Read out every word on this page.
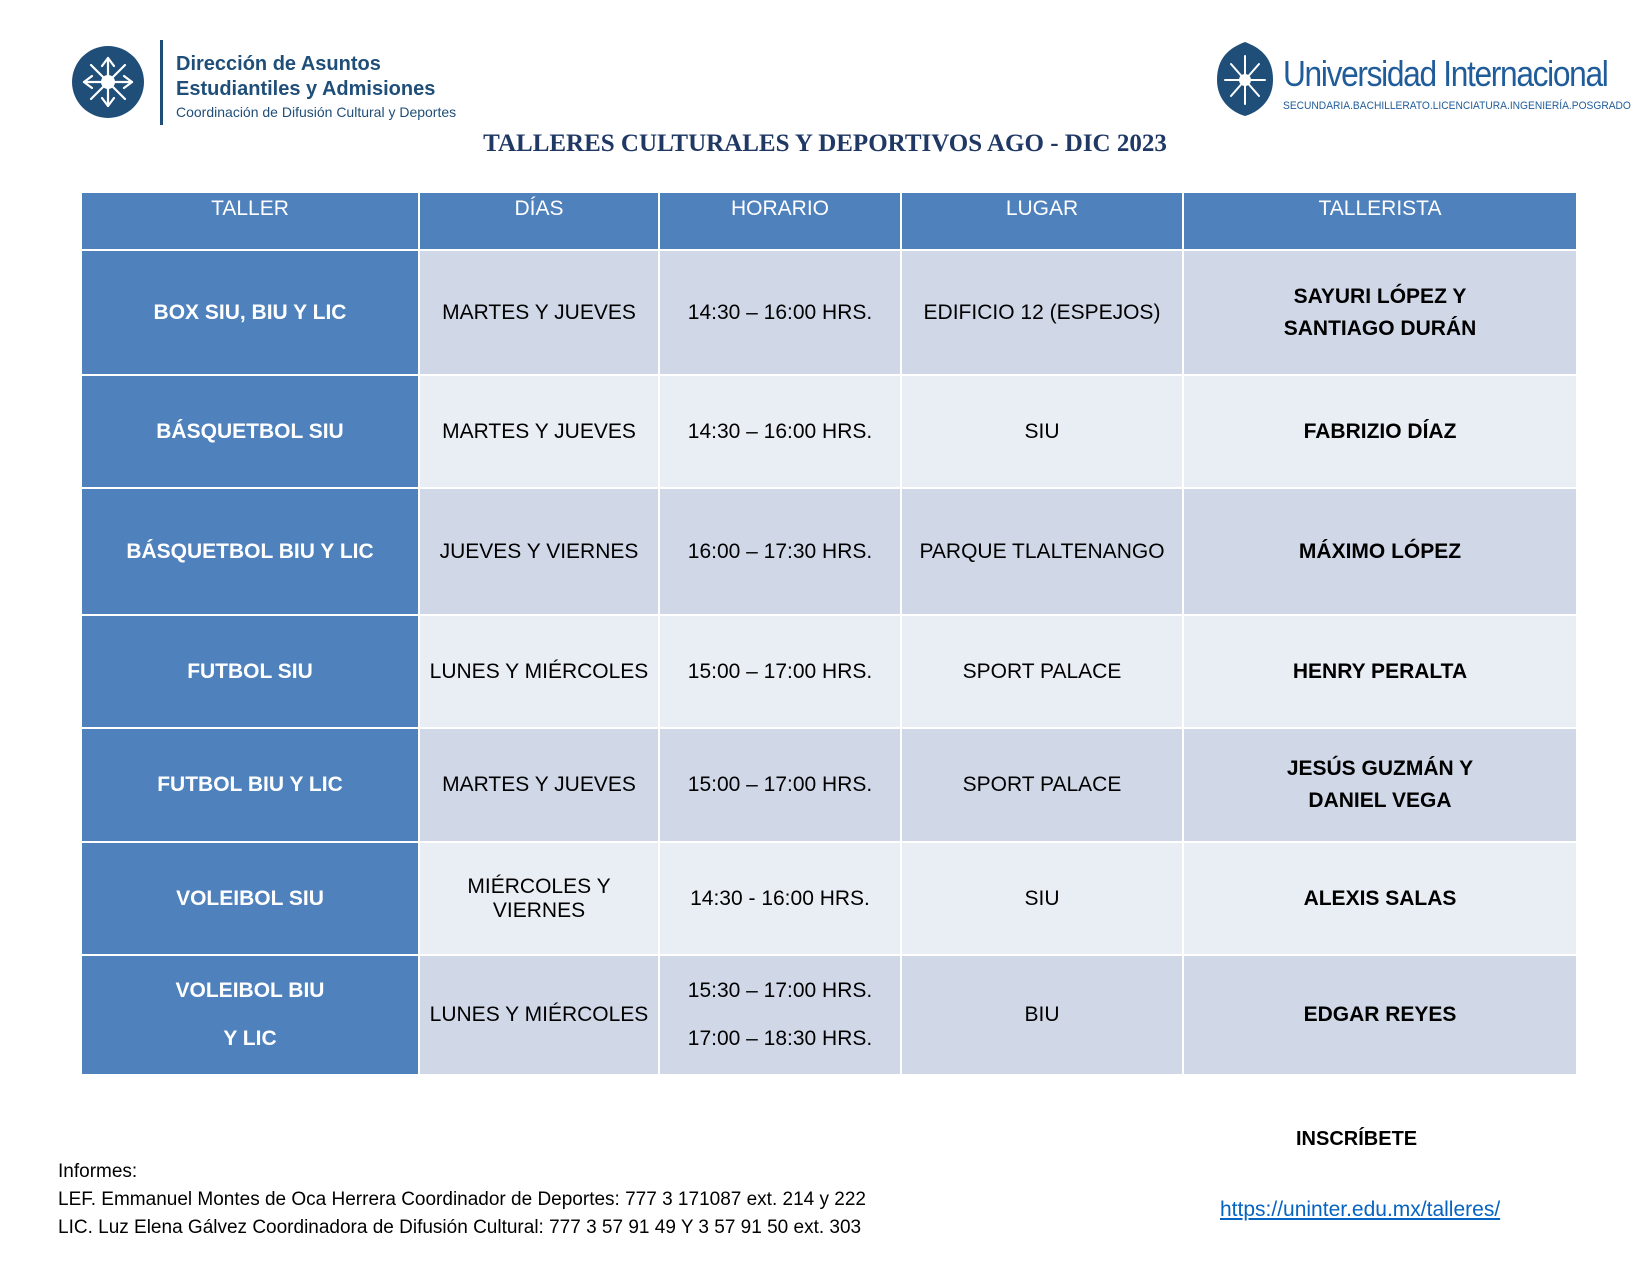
Dirección de Asuntos
Estudiantiles y Admisiones
Coordinación de Difusión Cultural y Deportes
Universidad Internacional
SECUNDARIA.BACHILLERATO.LICENCIATURA.INGENIERÍA.POSGRADO
TALLERES CULTURALES Y DEPORTIVOS AGO - DIC 2023
TALLER	DÍAS	HORARIO	LUGAR	TALLERISTA

BOX SIU, BIU Y LIC	MARTES Y JUEVES	14:30 – 16:00 HRS.	EDIFICIO 12 (ESPEJOS)	SAYURI LÓPEZ Y
SANTIAGO DURÁN

BÁSQUETBOL SIU	MARTES Y JUEVES	14:30 – 16:00 HRS.	SIU	FABRIZIO DÍAZ

BÁSQUETBOL BIU Y LIC	JUEVES Y VIERNES	16:00 – 17:30 HRS.	PARQUE TLALTENANGO	MÁXIMO LÓPEZ

FUTBOL SIU	LUNES Y MIÉRCOLES	15:00 – 17:00 HRS.	SPORT PALACE	HENRY PERALTA

FUTBOL BIU Y LIC	MARTES Y JUEVES	15:00 – 17:00 HRS.	SPORT PALACE	JESÚS GUZMÁN Y
DANIEL VEGA

VOLEIBOL SIU	MIÉRCOLES Y VIERNES	14:30 - 16:00 HRS.	SIU	ALEXIS SALAS

VOLEIBOL BIU
Y LIC	LUNES Y MIÉRCOLES	15:30 – 17:00 HRS.
17:00 – 18:30 HRS.	BIU	EDGAR REYES
INSCRÍBETE
https://uninter.edu.mx/talleres/
Informes:
LEF. Emmanuel Montes de Oca Herrera Coordinador de Deportes: 777 3 171087 ext. 214 y 222
LIC. Luz Elena Gálvez Coordinadora de Difusión Cultural: 777 3 57 91 49 Y 3 57 91 50 ext. 303
